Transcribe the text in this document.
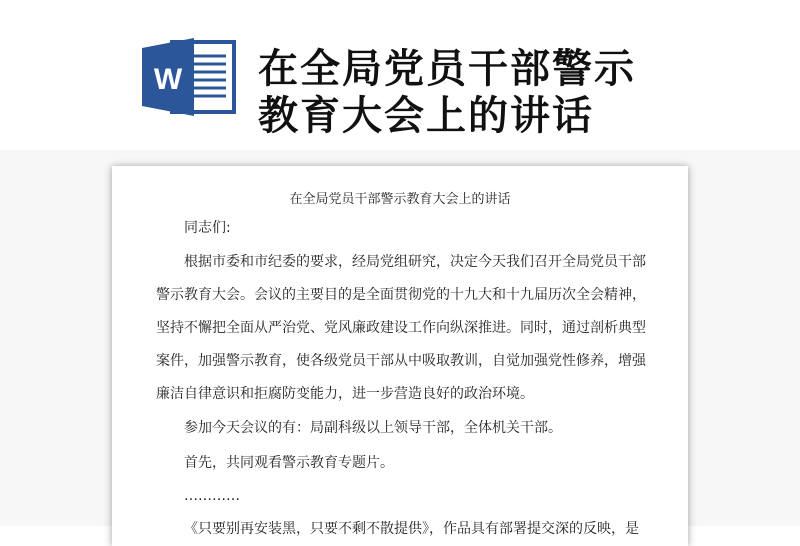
W 在全局党员干部警示
教育大会上的讲话
在全局党员干部警示教育大会上的讲话
同志们:
根据市委和市纪委的要求，经局党组研究，决定今天我们召开全局党员干部
警示教育大会。会议的主要目的是全面贯彻党的十九大和十九届历次全会精神，
坚持不懈把全面从严治党、党风廉政建设工作向纵深推进。同时，通过剖析典型
案件，加强警示教育，使各级党员干部从中吸取教训，自觉加强党性修养，增强
廉洁自律意识和拒腐防变能力，进一步营造良好的政治环境。
参加今天会议的有：局副科级以上领导干部，全体机关干部。
首先，共同观看警示教育专题片。
…………
《只要别再安装黑，只要不剩不散提供》，作品具有部署提交深的反映，是
